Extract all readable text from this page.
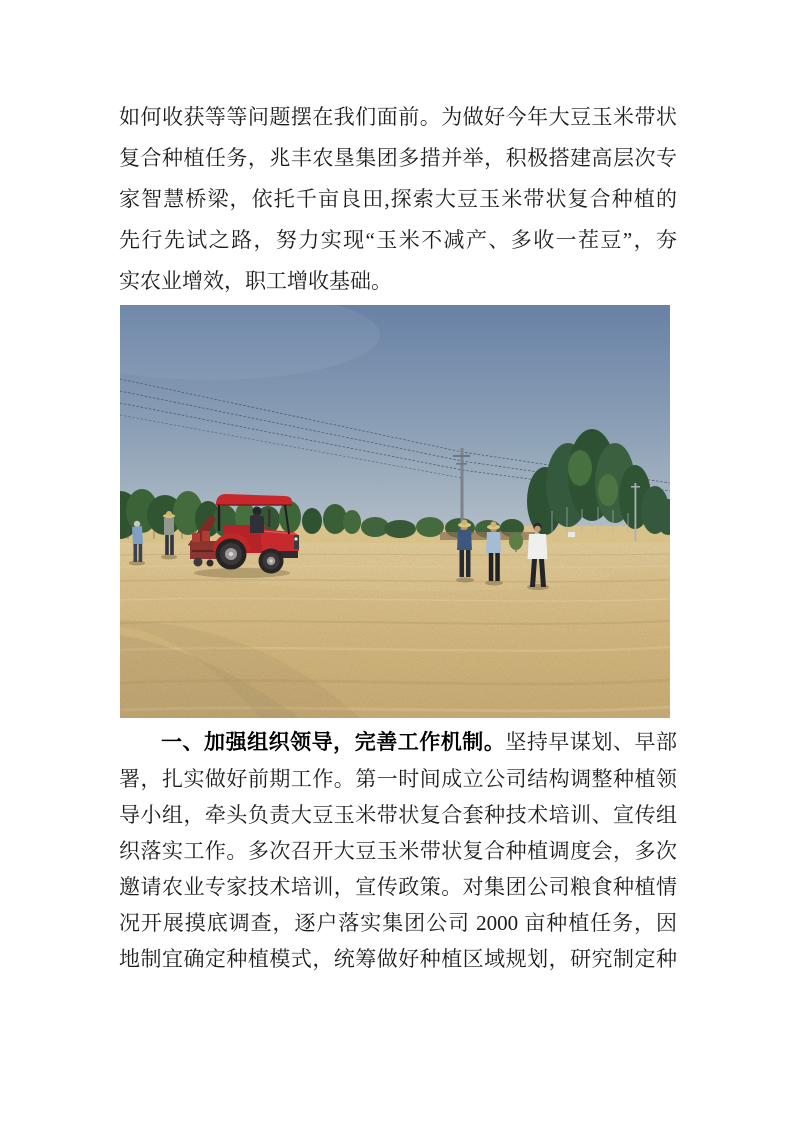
如何收获等等问题摆在我们面前。为做好今年大豆玉米带状
复合种植任务，兆丰农垦集团多措并举，积极搭建高层次专
家智慧桥梁，依托千亩良田,探索大豆玉米带状复合种植的
先行先试之路，努力实现“玉米不减产、多收一茬豆”，夯
实农业增效，职工增收基础。
一、加强组织领导，完善工作机制。坚持早谋划、早部
署，扎实做好前期工作。第一时间成立公司结构调整种植领
导小组，牵头负责大豆玉米带状复合套种技术培训、宣传组
织落实工作。多次召开大豆玉米带状复合种植调度会，多次
邀请农业专家技术培训，宣传政策。对集团公司粮食种植情
况开展摸底调查，逐户落实集团公司 2000 亩种植任务，因
地制宜确定种植模式，统筹做好种植区域规划，研究制定种
